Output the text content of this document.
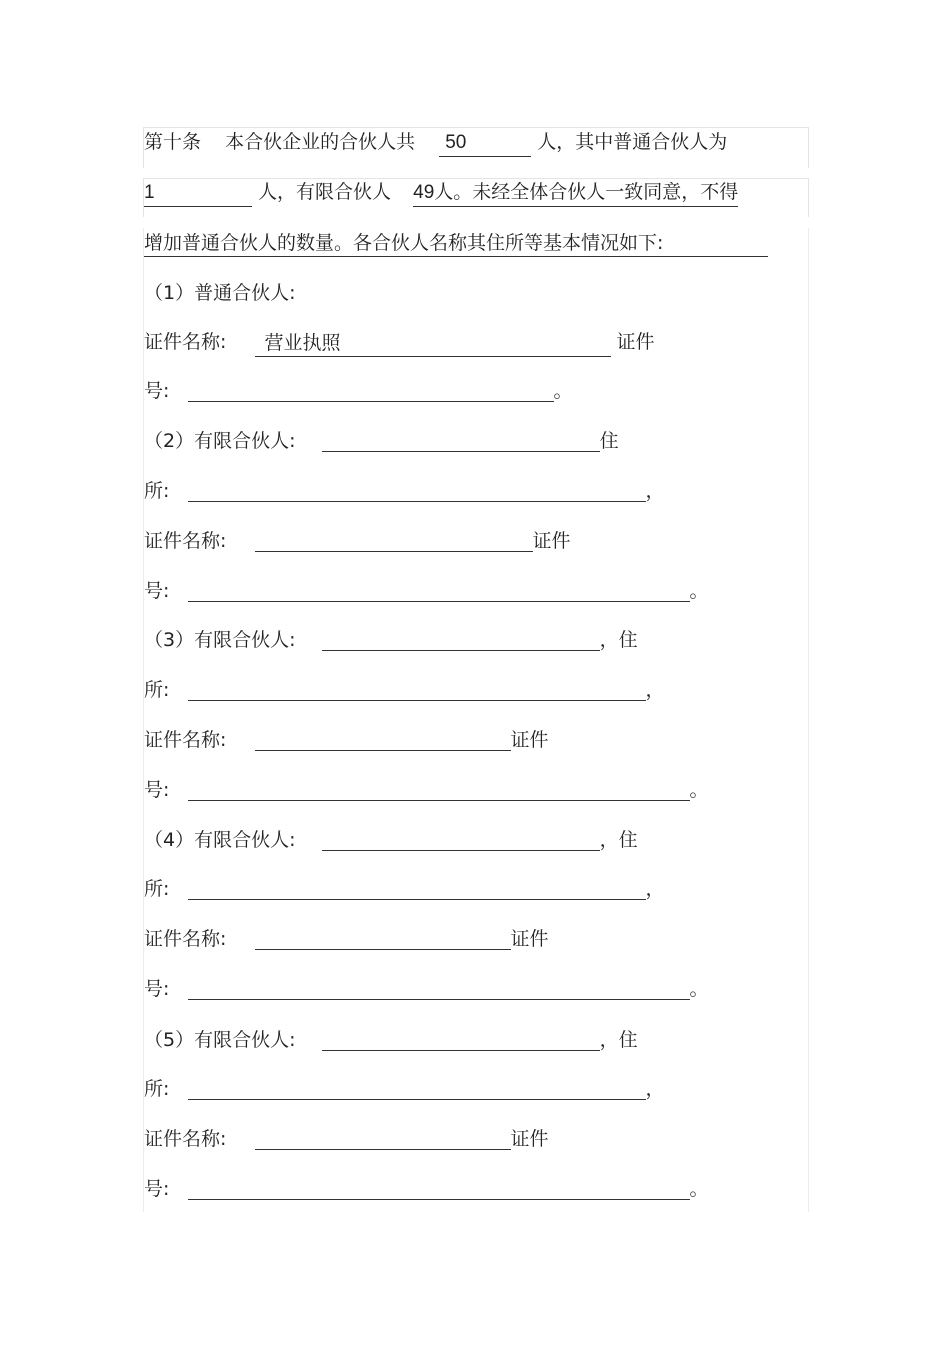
第十条 本合伙企业的合伙人共 50	人，其中普通合伙人为
1	人，有限合伙人 49人。未经全体合伙人一致同意，不得
增加普通合伙人的数量。各合伙人名称其住所等基本情况如下:
（1）普通合伙人:
证件名称: 营业执照	证件
号:	。
（2）有限合伙人:	住
所:	，
证件名称:	证件
号:	。
（3）有限合伙人:	，住
所:	，
证件名称:	证件
号:	。
（4）有限合伙人:	，住
所:	，
证件名称:	证件
号:	。
（5）有限合伙人:	，住
所:	，
证件名称:	证件
号:	。
